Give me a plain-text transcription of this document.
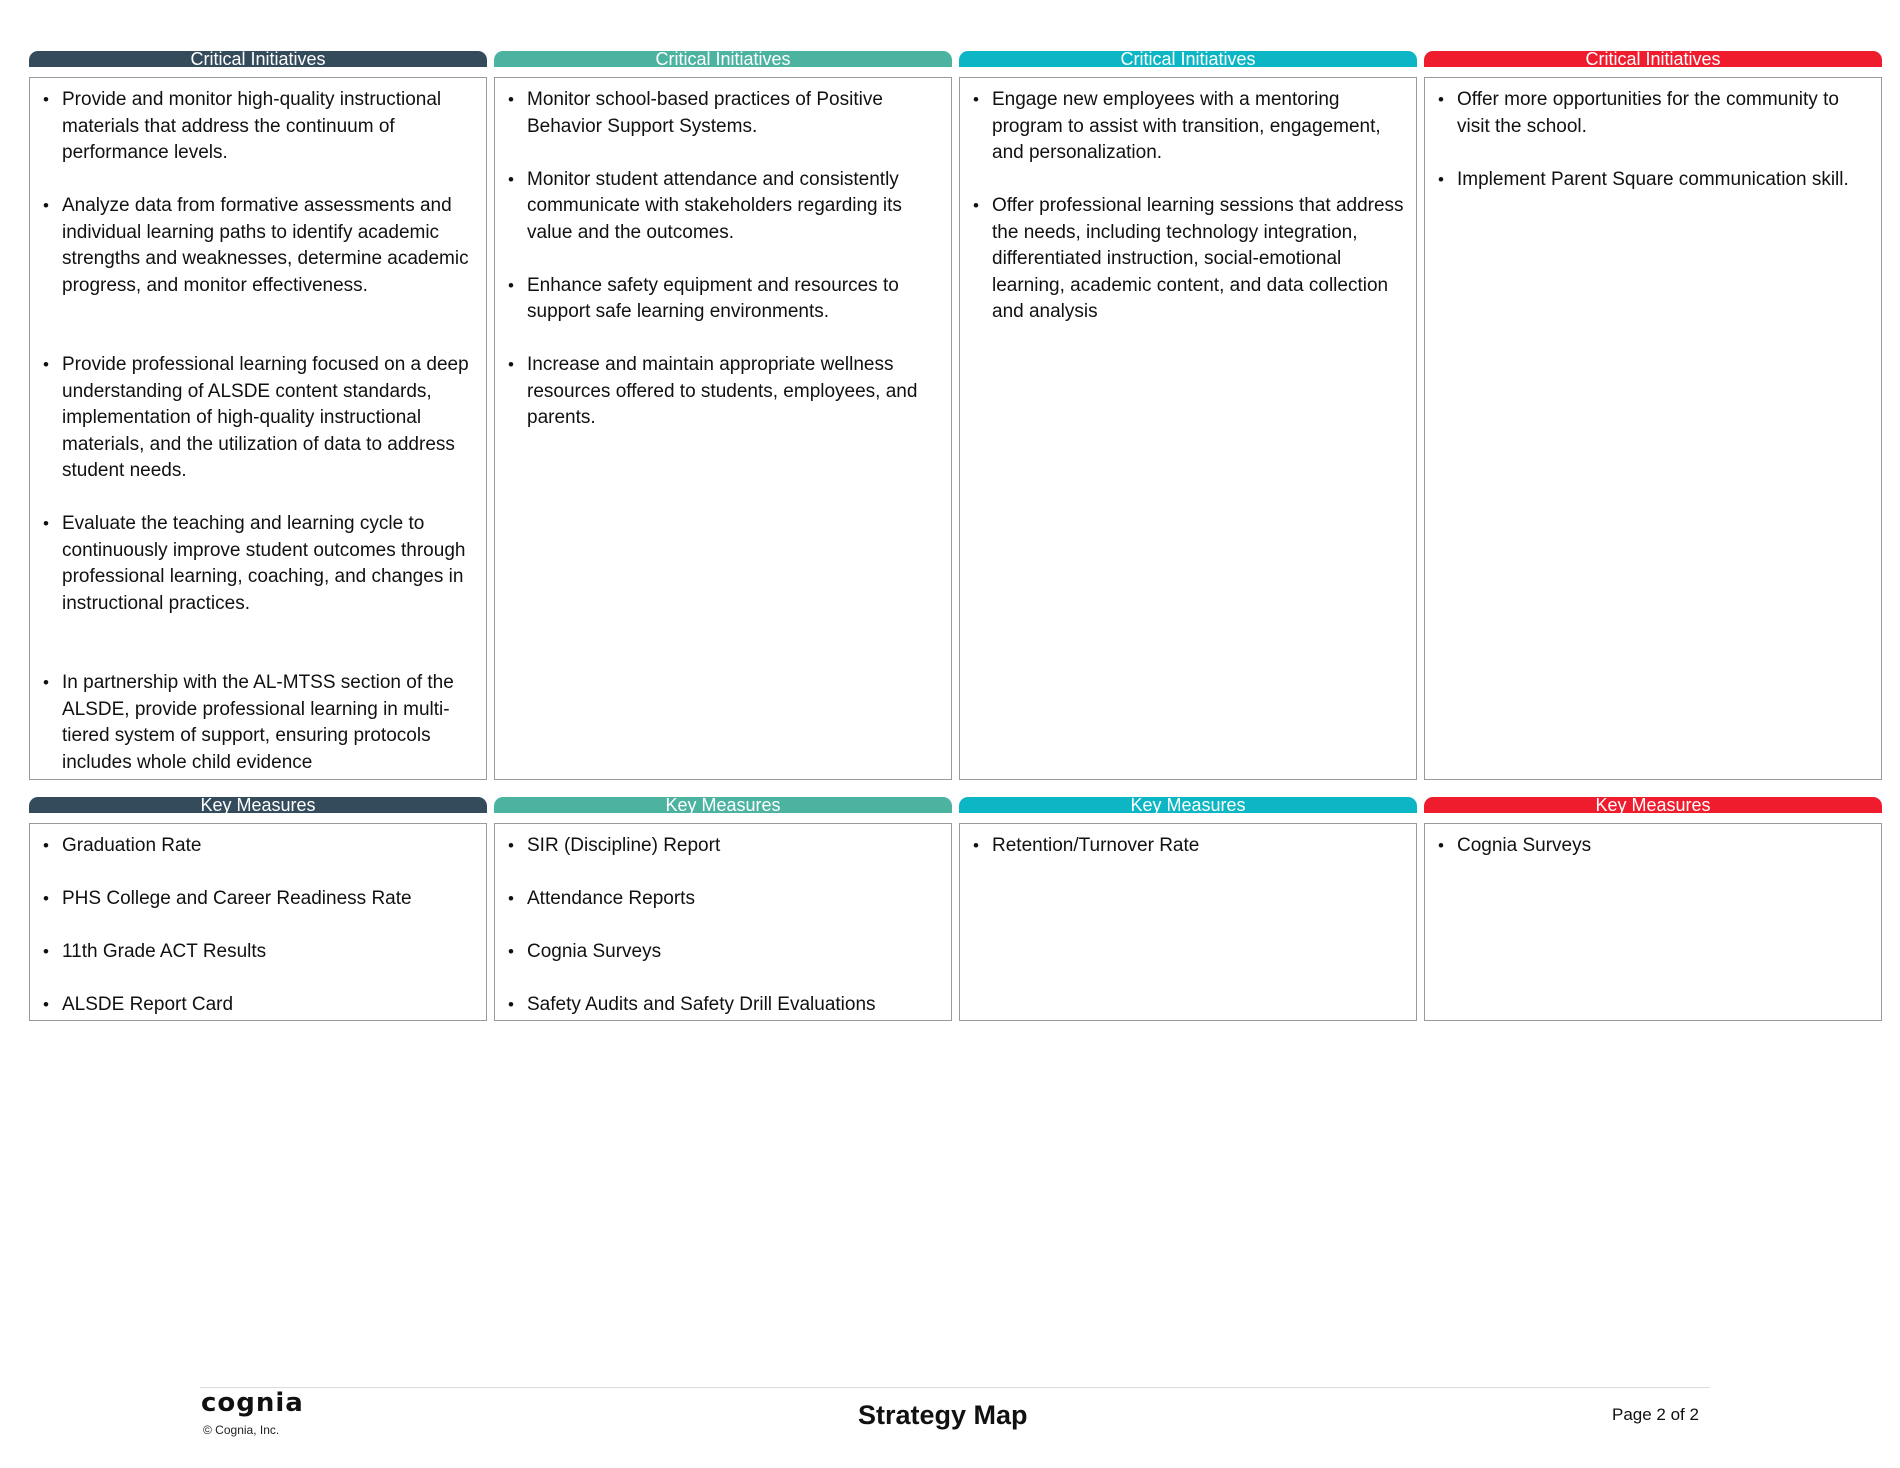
Critical Initiatives
• Provide and monitor high-quality instructional materials that address the continuum of performance levels.
• Analyze data from formative assessments and individual learning paths to identify academic strengths and weaknesses, determine academic progress, and monitor effectiveness.
• Provide professional learning focused on a deep understanding of ALSDE content standards, implementation of high-quality instructional materials, and the utilization of data to address student needs.
• Evaluate the teaching and learning cycle to continuously improve student outcomes through professional learning, coaching, and changes in instructional practices.
• In partnership with the AL-MTSS section of the ALSDE, provide professional learning in multi-tiered system of support, ensuring protocols includes whole child evidence
Critical Initiatives
• Monitor school-based practices of Positive Behavior Support Systems.
• Monitor student attendance and consistently communicate with stakeholders regarding its value and the outcomes.
• Enhance safety equipment and resources to support safe learning environments.
• Increase and maintain appropriate wellness resources offered to students, employees, and parents.
Critical Initiatives
• Engage new employees with a mentoring program to assist with transition, engagement, and personalization.
• Offer professional learning sessions that address the needs, including technology integration, differentiated instruction, social-emotional learning, academic content, and data collection and analysis
Critical Initiatives
• Offer more opportunities for the community to visit the school.
• Implement Parent Square communication skill.
Key Measures
• Graduation Rate
• PHS College and Career Readiness Rate
• 11th Grade ACT Results
• ALSDE Report Card
Key Measures
• SIR (Discipline) Report
• Attendance Reports
• Cognia Surveys
• Safety Audits and Safety Drill Evaluations
Key Measures
• Retention/Turnover Rate
Key Measures
• Cognia Surveys
cognia
© Cognia, Inc.	Strategy Map	Page 2 of 2
